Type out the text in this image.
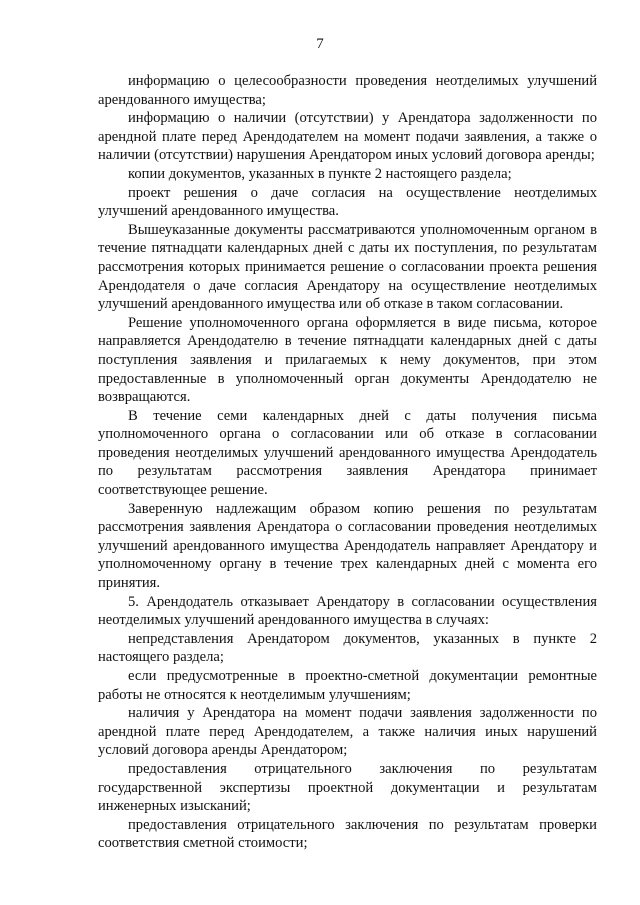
7

информацию о целесообразности проведения неотделимых улучшений арендованного имущества;

информацию о наличии (отсутствии) у Арендатора задолженности по арендной плате перед Арендодателем на момент подачи заявления, а также о наличии (отсутствии) нарушения Арендатором иных условий договора аренды;

копии документов, указанных в пункте 2 настоящего раздела;

проект решения о даче согласия на осуществление неотделимых улучшений арендованного имущества.

Вышеуказанные документы рассматриваются уполномоченным органом в течение пятнадцати календарных дней с даты их поступления, по результатам рассмотрения которых принимается решение о согласовании проекта решения Арендодателя о даче согласия Арендатору на осуществление неотделимых улучшений арендованного имущества или об отказе в таком согласовании.

Решение уполномоченного органа оформляется в виде письма, которое направляется Арендодателю в течение пятнадцати календарных дней с даты поступления заявления и прилагаемых к нему документов, при этом предоставленные в уполномоченный орган документы Арендодателю не возвращаются.

В течение семи календарных дней с даты получения письма уполномоченного органа о согласовании или об отказе в согласовании проведения неотделимых улучшений арендованного имущества Арендодатель по результатам рассмотрения заявления Арендатора принимает соответствующее решение.

Заверенную надлежащим образом копию решения по результатам рассмотрения заявления Арендатора о согласовании проведения неотделимых улучшений арендованного имущества Арендодатель направляет Арендатору и уполномоченному органу в течение трех календарных дней с момента его принятия.

5. Арендодатель отказывает Арендатору в согласовании осуществления неотделимых улучшений арендованного имущества в случаях:

непредставления Арендатором документов, указанных в пункте 2 настоящего раздела;

если предусмотренные в проектно-сметной документации ремонтные работы не относятся к неотделимым улучшениям;

наличия у Арендатора на момент подачи заявления задолженности по арендной плате перед Арендодателем, а также наличия иных нарушений условий договора аренды Арендатором;

предоставления отрицательного заключения по результатам государственной экспертизы проектной документации и результатам инженерных изысканий;

предоставления отрицательного заключения по результатам проверки соответствия сметной стоимости;
